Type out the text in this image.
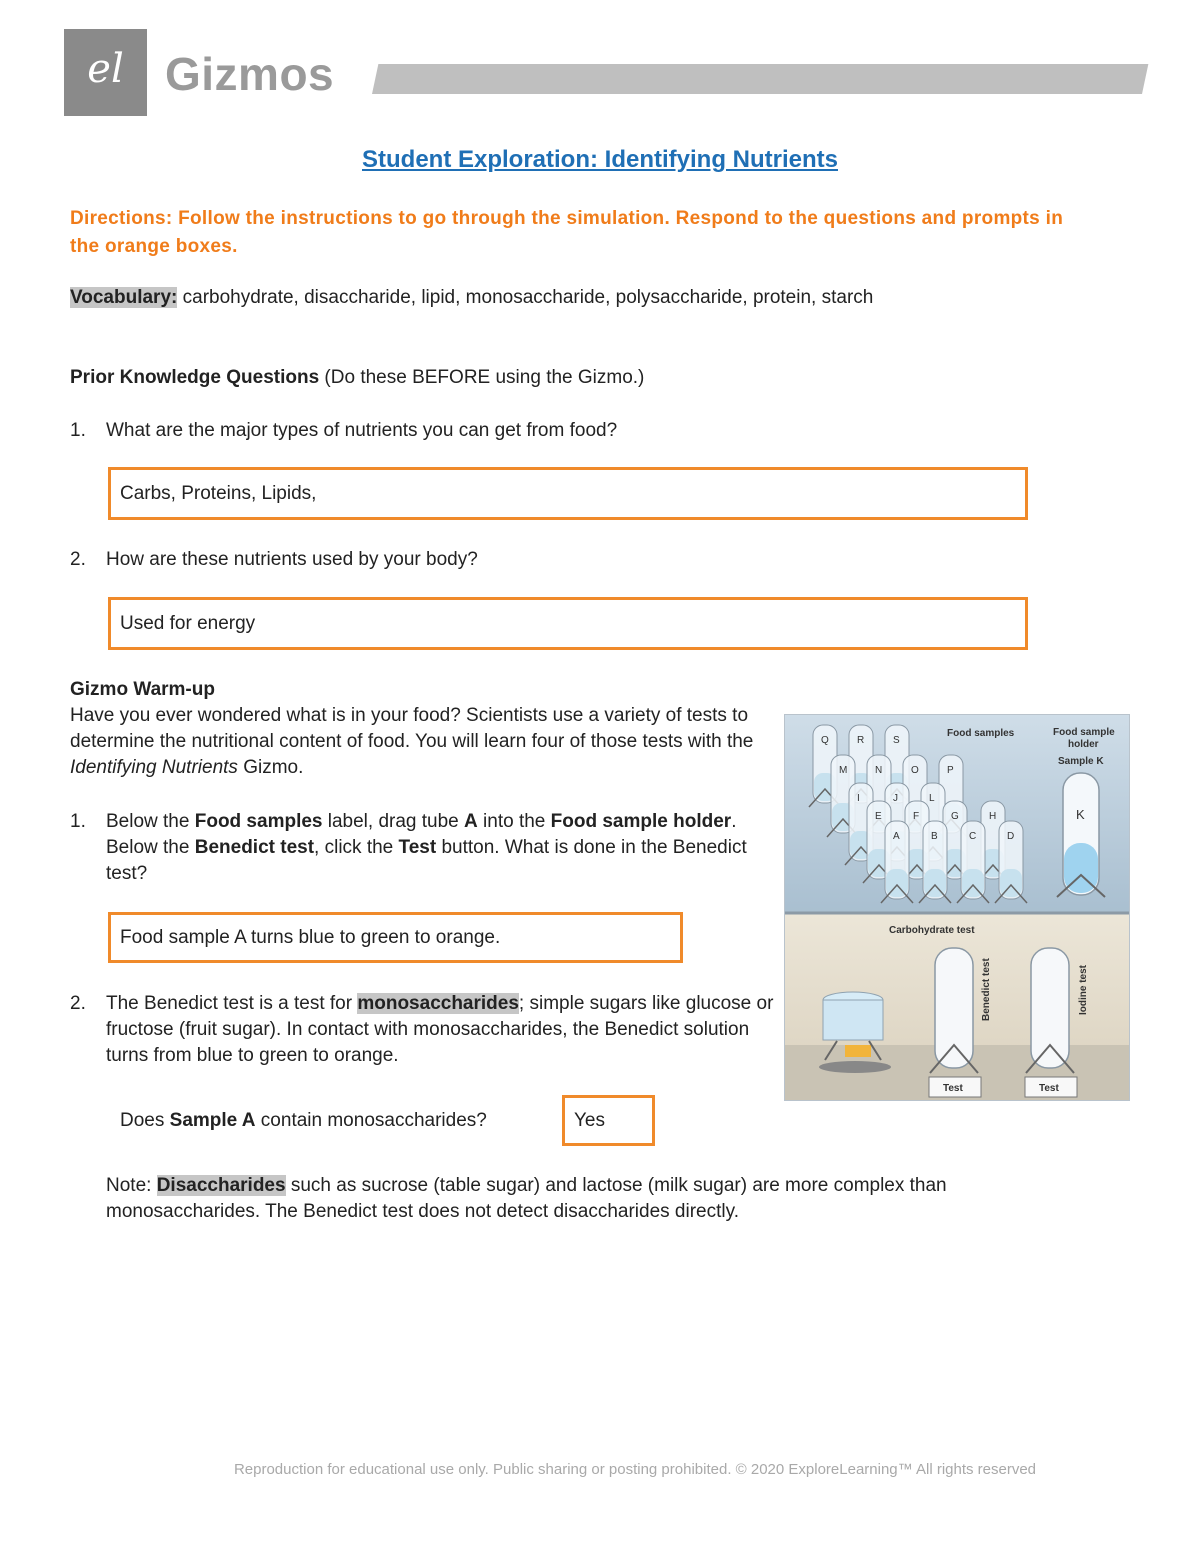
el Gizmos
Student Exploration: Identifying Nutrients
Directions: Follow the instructions to go through the simulation. Respond to the questions and prompts in the orange boxes.
Vocabulary: carbohydrate, disaccharide, lipid, monosaccharide, polysaccharide, protein, starch
Prior Knowledge Questions (Do these BEFORE using the Gizmo.)
1. What are the major types of nutrients you can get from food?
Carbs, Proteins, Lipids,
2. How are these nutrients used by your body?
Used for energy
Gizmo Warm-up
Have you ever wondered what is in your food? Scientists use a variety of tests to determine the nutritional content of food. You will learn four of those tests with the Identifying Nutrients Gizmo.
1. Below the Food samples label, drag tube A into the Food sample holder. Below the Benedict test, click the Test button. What is done in the Benedict test?
Food sample A turns blue to green to orange.
2. The Benedict test is a test for monosaccharides; simple sugars like glucose or fructose (fruit sugar). In contact with monosaccharides, the Benedict solution turns from blue to green to orange.
Does Sample A contain monosaccharides?	Yes
Note: Disaccharides such as sucrose (table sugar) and lactose (milk sugar) are more complex than monosaccharides. The Benedict test does not detect disaccharides directly.
Q	R	S
M	N	O	P
I	J	L
E	F	G	H
A	B	C	D
Food samples	Food sample
holder
Sample K
K
Carbohydrate test
Benedict test	Iodine test
Test	Test
Reproduction for educational use only. Public sharing or posting prohibited. © 2020 ExploreLearning™ All rights reserved
